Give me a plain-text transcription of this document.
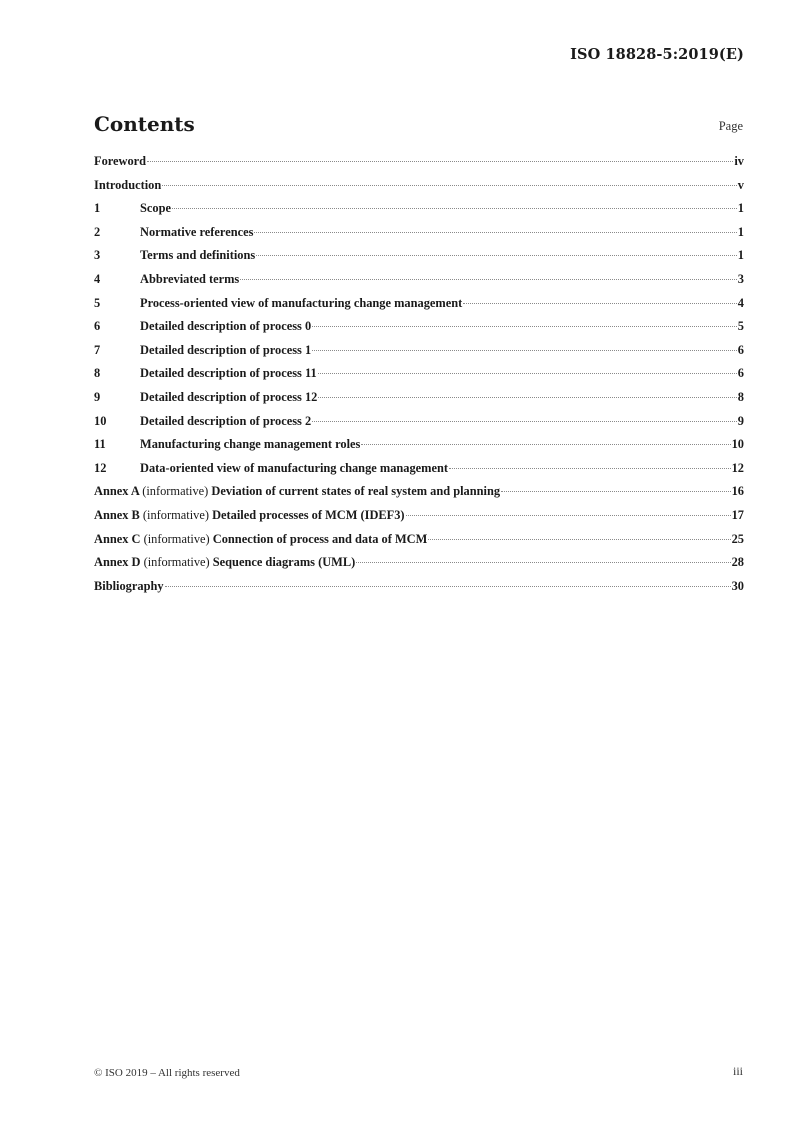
ISO 18828-5:2019(E)
Contents	Page
Foreword	iv
Introduction	v
1	Scope	1
2	Normative references	1
3	Terms and definitions	1
4	Abbreviated terms	3
5	Process-oriented view of manufacturing change management	4
6	Detailed description of process 0	5
7	Detailed description of process 1	6
8	Detailed description of process 11	6
9	Detailed description of process 12	8
10	Detailed description of process 2	9
11	Manufacturing change management roles	10
12	Data-oriented view of manufacturing change management	12
Annex A (informative) Deviation of current states of real system and planning	16
Annex B (informative) Detailed processes of MCM (IDEF3)	17
Annex C (informative) Connection of process and data of MCM	25
Annex D (informative) Sequence diagrams (UML)	28
Bibliography	30
© ISO 2019 – All rights reserved	iii
